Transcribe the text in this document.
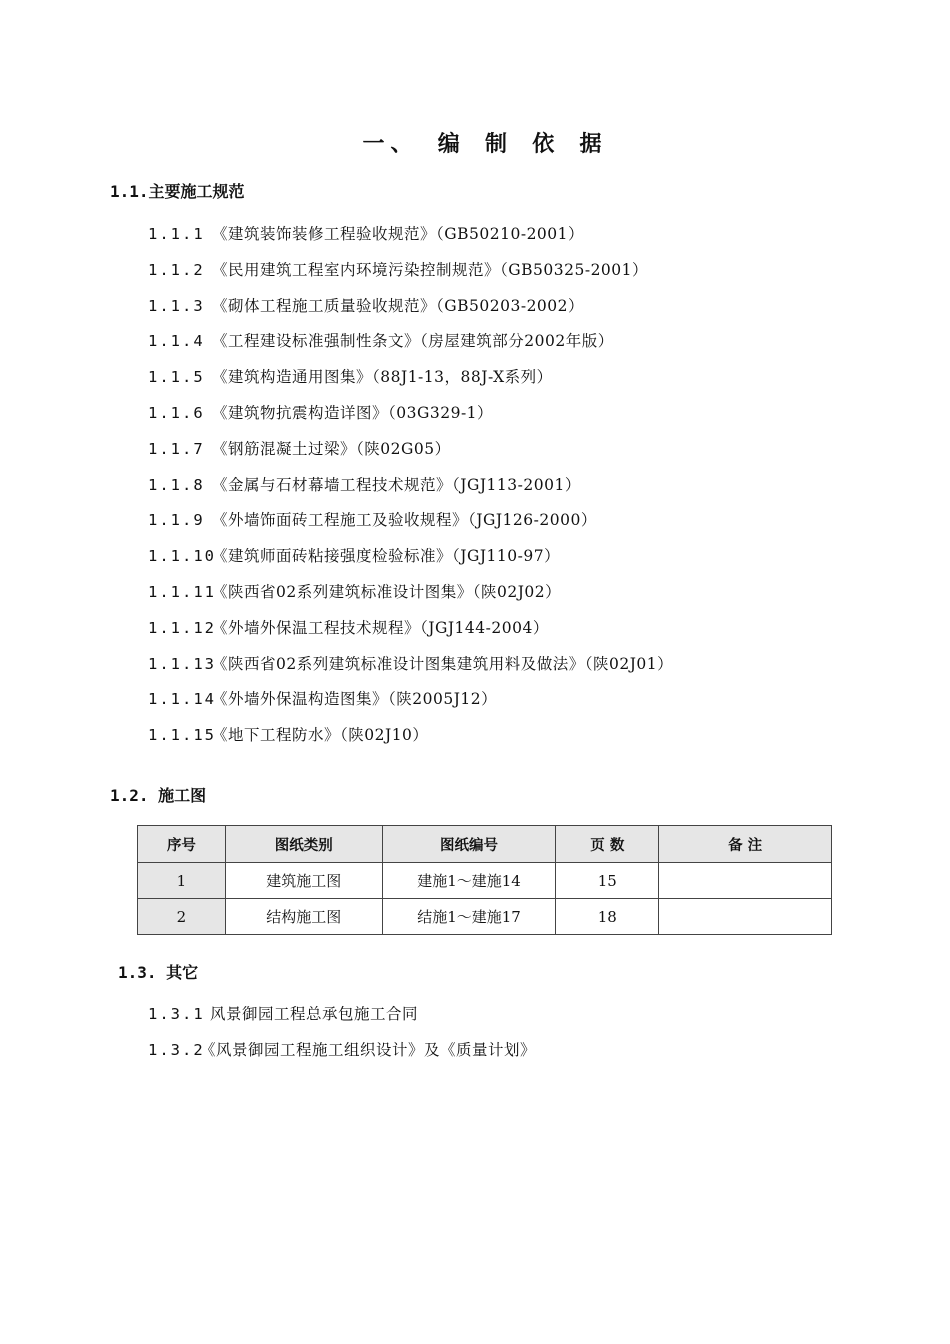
一、 编 制 依 据
1.1.主要施工规范
1.1.1 《建筑装饰装修工程验收规范》（GB50210-2001）
1.1.2 《民用建筑工程室内环境污染控制规范》（GB50325-2001）
1.1.3 《砌体工程施工质量验收规范》（GB50203-2002）
1.1.4 《工程建设标准强制性条文》（房屋建筑部分2002年版）
1.1.5 《建筑构造通用图集》（88J1-13，88J-X系列）
1.1.6 《建筑物抗震构造详图》（03G329-1）
1.1.7 《钢筋混凝土过梁》（陕02G05）
1.1.8 《金属与石材幕墙工程技术规范》（JGJ113-2001）
1.1.9 《外墙饰面砖工程施工及验收规程》（JGJ126-2000）
1.1.10《建筑师面砖粘接强度检验标准》（JGJ110-97）
1.1.11《陕西省02系列建筑标准设计图集》（陕02J02）
1.1.12《外墙外保温工程技术规程》（JGJ144-2004）
1.1.13《陕西省02系列建筑标准设计图集建筑用料及做法》（陕02J01）
1.1.14《外墙外保温构造图集》（陕2005J12）
1.1.15《地下工程防水》（陕02J10）
1.2. 施工图
序号	图纸类别	图纸编号	页 数	备 注
1	建筑施工图	建施1～建施14	15	
2	结构施工图	结施1～建施17	18	
1.3. 其它
1.3.1 风景御园工程总承包施工合同
1.3.2《风景御园工程施工组织设计》及《质量计划》
